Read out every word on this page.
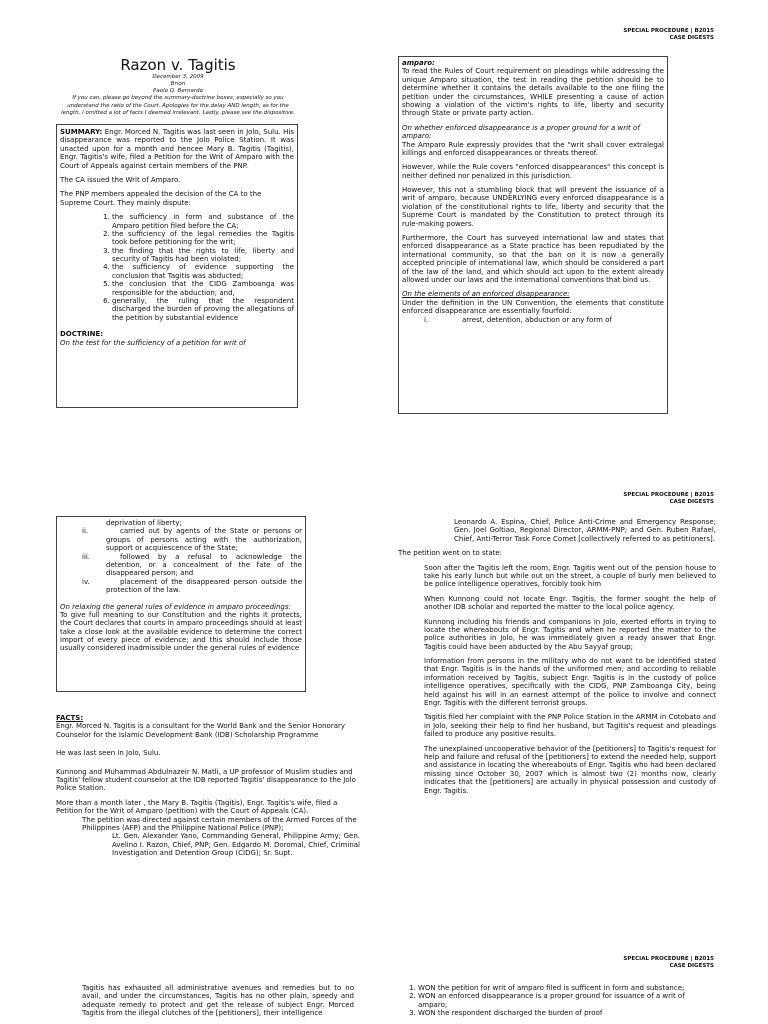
SPECIAL PROCEDURE | B2015
CASE DIGESTS
Razon v. Tagitis
December 3, 2009
Brion
Paolo Q. Bernardo
If you can, please go beyond the summary-doctrine boxes; especially so you understand the ratio of the Court. Apologies for the delay AND length; as for the length, I omitted a lot of facts I deemed irrelevant. Lastly, please see the dispositive.

SUMMARY: Engr. Morced N. Tagitis was last seen in Jolo, Sulu. His disappearance was reported to the Jolo Police Station. It was unacted upon for a month and hencee Mary B. Tagitis (Tagitis), Engr. Tagitis's wife, filed a Petition for the Writ of Amparo with the Court of Appeals against certain members of the PNP.

The CA issued the Writ of Amparo.

The PNP members appealed the decision of the CA to the Supreme Court. They mainly dispute:

1. the sufficiency in form and substance of the Amparo petition filed before the CA;
2. the sufficiency of the legal remedies the Tagitis took before petitioning for the writ;
3. the finding that the rights to life, liberty and security of Tagitis had been violated;
4. the sufficiency of evidence supporting the conclusion that Tagitis was abducted;
5. the conclusion that the CIDG Zamboanga was responsible for the abduction; and,
6. generally, the ruling that the respondent discharged the burden of proving the allegations of the petition by substantial evidence
DOCTRINE:
On the test for the sufficiency of a petition for writ of
amparo:

To read the Rules of Court requirement on pleadings while addressing the unique Amparo situation, the test in reading the petition should be to determine whether it contains the details available to the one filing the petition under the circumstances, WHILE presenting a cause of action showing a violation of the victim's rights to life, liberty and security through State or private party action.

On whether enforced disappearance is a proper ground for a writ of amparo:

The Amparo Rule expressly provides that the "writ shall cover extralegal killings and enforced disappearances or threats thereof.

However, while the Rule covers "enforced disappearances" this concept is neither defined nor penalized in this jurisdiction.

However, this not a stumbling block that will prevent the issuance of a writ of amparo, because UNDERLYING every enforced disappearance is a violation of the constitutional rights to life, liberty and security that the Supreme Court is mandated by the Constitution to protect through its rule-making powers.

Furthermore, the Court has surveyed international law and states that enforced disappearance as a State practice has been repudiated by the international community, so that the ban on it is now a generally accepted principle of international law, which should be considered a part of the law of the land, and which should act upon to the extent already allowed under our laws and the international conventions that bind us.

On the elements of an enforced disappearance:
Under the definition in the UN Convention, the elements that constitute enforced disappearance are essentially fourfold:
i.	arrest, detention, abduction or any form of
SPECIAL PROCEDURE | B2015
CASE DIGESTS
deprivation of liberty;
ii.	carried out by agents of the State or persons or groups of persons acting with the authorization, support or acquiescence of the State;
iii.	followed by a refusal to acknowledge the detention, or a concealment of the fate of the disappeared person; and
iv.	placement of the disappeared person outside the protection of the law.
On relaxing the general rules of evidence in amparo proceedings:
To give full meaning to our Constitution and the rights it protects, the Court declares that courts in amparo proceedings should at least take a close look at the available evidence to determine the correct import of every piece of evidence; and this should include those usually considered inadmissible under the general rules of evidence
FACTS:

Engr. Morced N. Tagitis is a consultant for the World Bank and the Senior Honorary Counselor for the Islamic Development Bank (IDB) Scholarship Programme

He was last seen in Jolo, Sulu.

Kunnong and Muhammad Abdulnazeir N. Matli, a UP professor of Muslim studies and Tagitis' fellow student counselor at the IDB reported Tagitis' disappearance to the Jolo Police Station.

More than a month later , the Mary B. Tagitis (Tagitis), Engr. Tagitis's wife, filed a Petition for the Writ of Amparo (petition) with the Court of Appeals (CA).
The petition was directed against certain members of the Armed Forces of the Philippines (AFP) and the Philippine National Police (PNP);
Lt. Gen. Alexander Yano, Commanding General, Philippine Army; Gen. Avelino I. Razon, Chief, PNP; Gen. Edgardo M. Doromal, Chief, Criminal Investigation and Detention Group (CIDG); Sr. Supt.

Leonardo A. Espina, Chief, Police Anti-Crime and Emergency Response; Gen. Joel Goltiao, Regional Director, ARMM-PNP; and Gen. Ruben Rafael, Chief, Anti-Terror Task Force Comet [collectively referred to as petitioners].

The petition went on to state:

Soon after the Tagitis left the room, Engr. Tagitis went out of the pension house to take his early lunch but while out on the street, a couple of burly men believed to be police intelligence operatives, forcibly took him

When Kunnong could not locate Engr. Tagitis, the former sought the help of another IDB scholar and reported the matter to the local police agency.

Kunnong including his friends and companions in Jolo, exerted efforts in trying to locate the whereabouts of Engr. Tagitis and when he reported the matter to the police authorities in Jolo, he was immediately given a ready answer that Engr. Tagitis could have been abducted by the Abu Sayyaf group;

Information from persons in the military who do not want to be identified stated that Engr. Tagitis is in the hands of the uniformed men; and according to reliable information received by Tagitis, subject Engr. Tagitis is in the custody of police intelligence operatives, specifically with the CIDG, PNP Zamboanga City, being held against his will in an earnest attempt of the police to involve and connect Engr. Tagitis with the different terrorist groups.

Tagitis filed her complaint with the PNP Police Station in the ARMM in Cotobato and in Jolo, seeking their help to find her husband, but Tagitis's request and pleadings failed to produce any positive results.

The unexplained uncooperative behavior of the [petitioners] to Tagitis's request for help and failure and refusal of the [petitioners] to extend the needed help, support and assistance in locating the whereabouts of Engr. Tagitis who had been declared missing since October 30, 2007 which is almost two (2) months now, clearly indicates that the [petitioners] are actually in physical possession and custody of Engr. Tagitis.

SPECIAL PROCEDURE | B2015
CASE DIGESTS
Tagitis has exhausted all administrative avenues and remedies but to no avail, and under the circumstances, Tagitis has no other plain, speedy and adequate remedy to protect and get the release of subject Engr. Morced Tagitis from the illegal clutches of the [petitioners], their intelligence
1. WON the petition for writ of amparo filed is sufficent in form and substance;
2. WON an enforced disappearance is a proper ground for issuance of a writ of amparo;
3. WON the respondent discharged the burden of proof
